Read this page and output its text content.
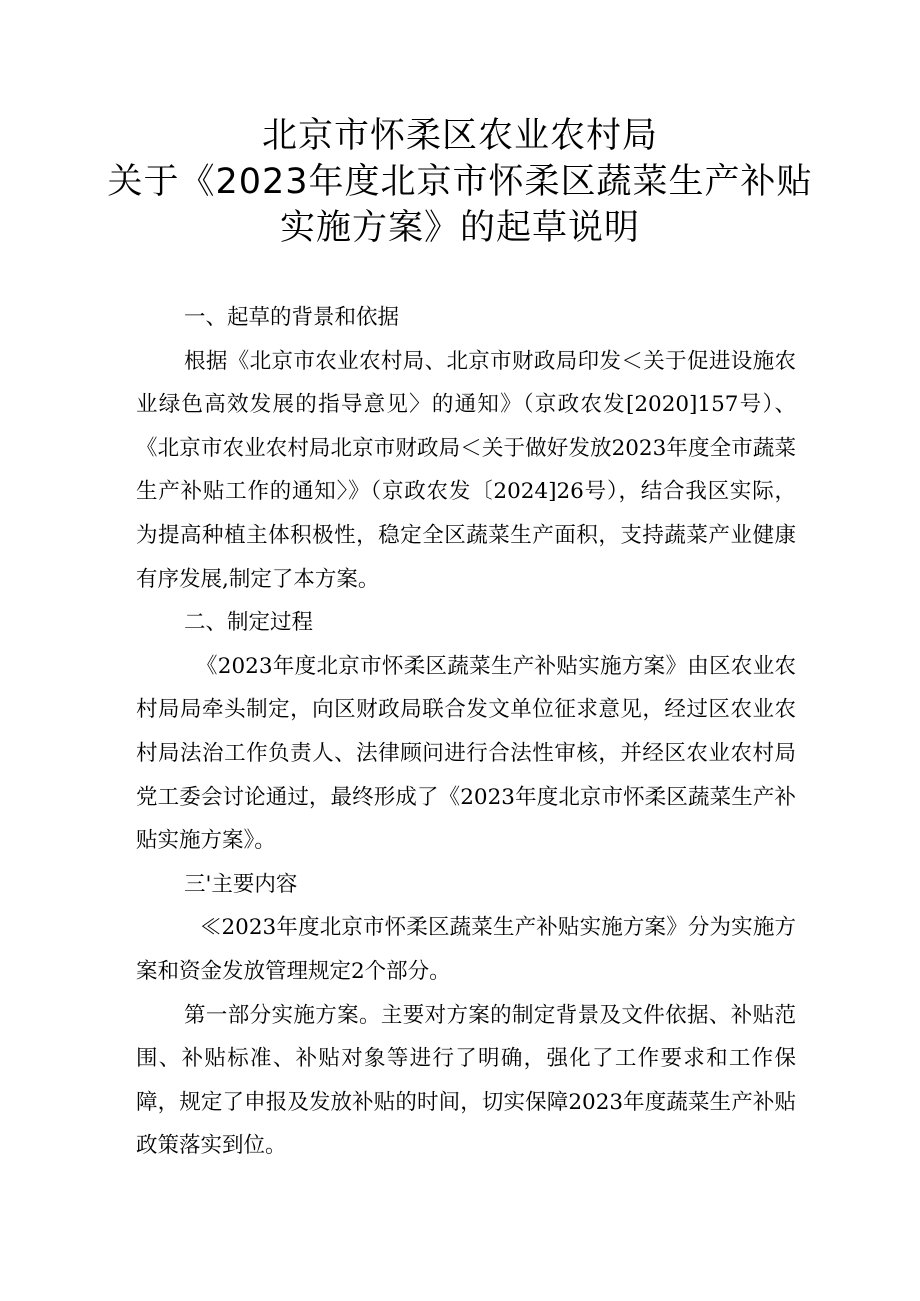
北京市怀柔区农业农村局
关于《2023年度北京市怀柔区蔬菜生产补贴
实施方案》的起草说明
一、起草的背景和依据

根据《北京市农业农村局、北京市财政局印发＜关于促进设施农业绿色高效发展的指导意见〉的通知》（京政农发[2020]157号）、《北京市农业农村局北京市财政局＜关于做好发放2023年度全市蔬菜生产补贴工作的通知〉》（京政农发〔2024]26号），结合我区实际，为提高种植主体积极性，稳定全区蔬菜生产面积，支持蔬菜产业健康有序发展,制定了本方案。

二、制定过程

《2023年度北京市怀柔区蔬菜生产补贴实施方案》由区农业农村局局牵头制定，向区财政局联合发文单位征求意见，经过区农业农村局法治工作负责人、法律顾问进行合法性审核，并经区农业农村局党工委会讨论通过，最终形成了《2023年度北京市怀柔区蔬菜生产补贴实施方案》。

三'主要内容

≪2023年度北京市怀柔区蔬菜生产补贴实施方案》分为实施方案和资金发放管理规定2个部分。

第一部分实施方案。主要对方案的制定背景及文件依据、补贴范围、补贴标准、补贴对象等进行了明确，强化了工作要求和工作保障，规定了申报及发放补贴的时间，切实保障2023年度蔬菜生产补贴政策落实到位。
